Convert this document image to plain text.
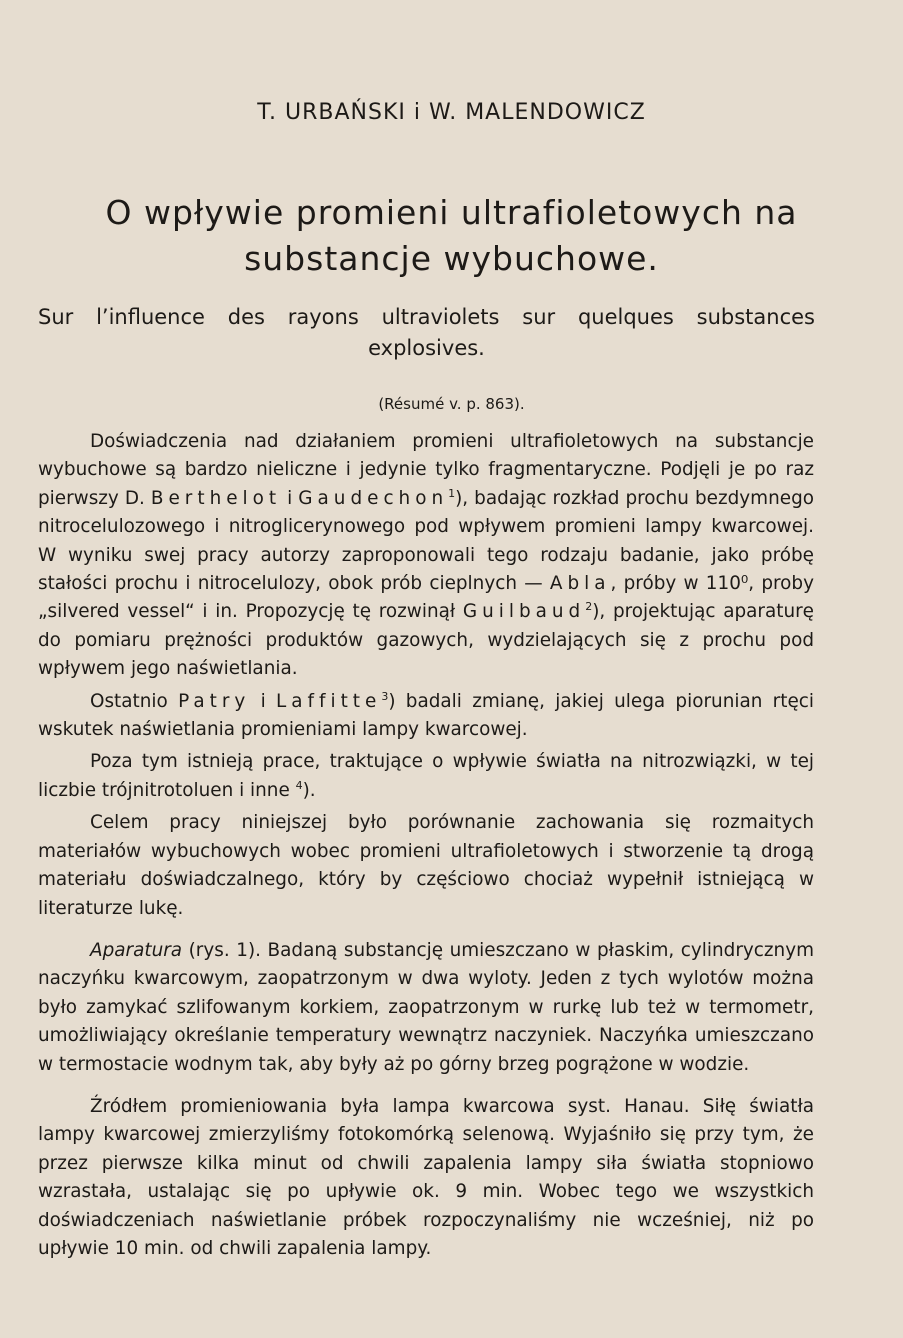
T. URBAŃSKI i W. MALENDOWICZ
O wpływie promieni ultrafioletowych na substancje wybuchowe.
Sur l’influence des rayons ultraviolets sur quelques substances explosives.
(Résumé v. p. 863).

Doświadczenia nad działaniem promieni ultrafioletowych na substancje wybuchowe są bardzo nieliczne i jedynie tylko fragmentaryczne. Podjęli je po raz pierwszy D. Berthelot i Gaudechon$^1$), badając rozkład prochu bezdymnego nitrocelulozowego i nitroglicerynowego pod wpływem promieni lampy kwarcowej. W wyniku swej pracy autorzy zaproponowali tego rodzaju badanie, jako próbę stałości prochu i nitrocelulozy, obok prób cieplnych — Abla, próby w 110⁰, proby „silvered vessel“ i in. Propozycję tę rozwinął Guilbaud$^2$), projektując aparaturę do pomiaru prężności produktów gazowych, wydzielających się z prochu pod wpływem jego naświetlania.

Ostatnio Patry i Laffitte$^3$) badali zmianę, jakiej ulega piorunian rtęci wskutek naświetlania promieniami lampy kwarcowej.

Poza tym istnieją prace, traktujące o wpływie światła na nitrozwiązki, w tej liczbie trójnitrotoluen i inne $^4$).

Celem pracy niniejszej było porównanie zachowania się rozmaitych materiałów wybuchowych wobec promieni ultrafioletowych i stworzenie tą drogą materiału doświadczalnego, który by częściowo chociaż wypełnił istniejącą w literaturze lukę.

Aparatura (rys. 1). Badaną substancję umieszczano w płaskim, cylindrycznym naczyńku kwarcowym, zaopatrzonym w dwa wyloty. Jeden z tych wylotów można było zamykać szlifowanym korkiem, zaopatrzonym w rurkę lub też w termometr, umożliwiający określanie temperatury wewnątrz naczyniek. Naczyńka umieszczano w termostacie wodnym tak, aby były aż po górny brzeg pogrążone w wodzie.

Źródłem promieniowania była lampa kwarcowa syst. Hanau. Siłę światła lampy kwarcowej zmierzyliśmy fotokomórką selenową. Wyjaśniło się przy tym, że przez pierwsze kilka minut od chwili zapalenia lampy siła światła stopniowo wzrastała, ustalając się po upływie ok. 9 min. Wobec tego we wszystkich doświadczeniach naświetlanie próbek rozpoczynaliśmy nie wcześniej, niż po upływie 10 min. od chwili zapalenia lampy.
